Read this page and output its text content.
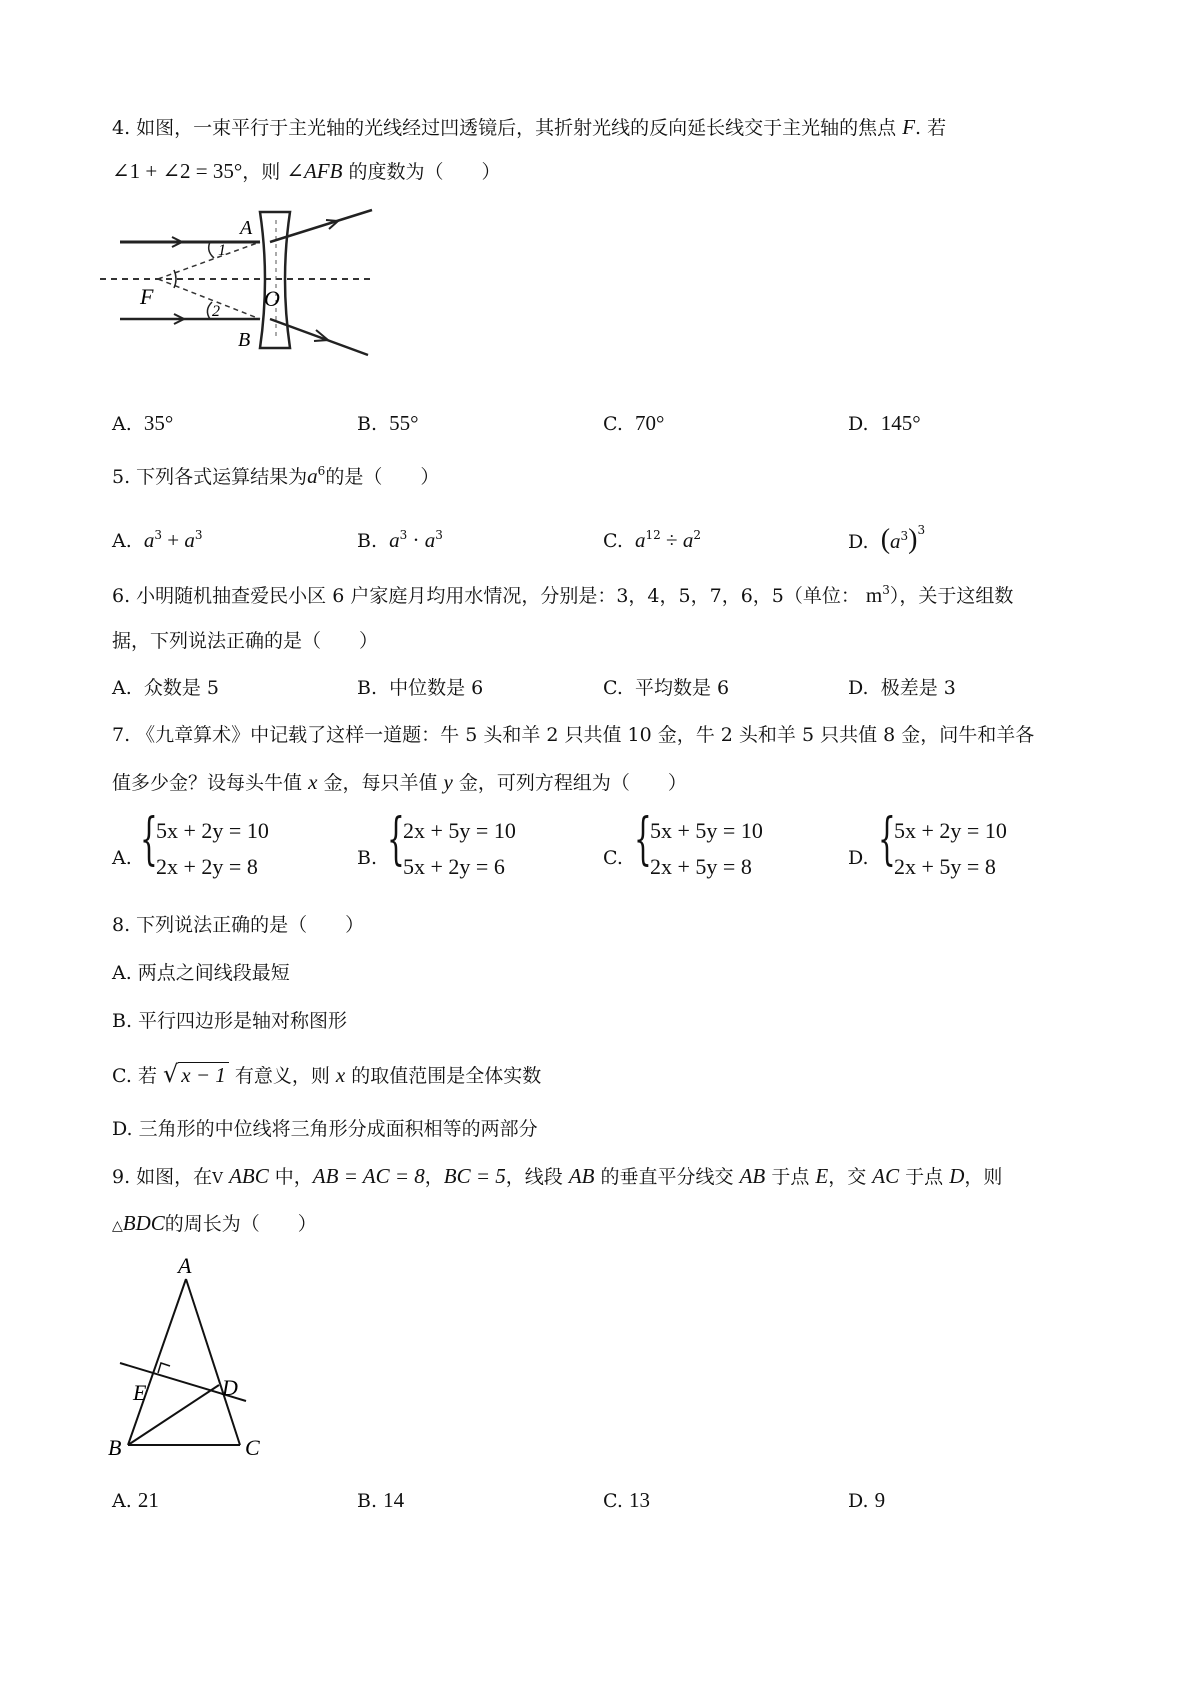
4. 如图，一束平行于主光轴的光线经过凹透镜后，其折射光线的反向延长线交于主光轴的焦点 F. 若
∠1 + ∠2 = 35°，则 ∠AFB 的度数为（　　）
A
O
F
B
1
2
A. 35°	B. 55°	C. 70°	D. 145°
5. 下列各式运算结果为$a^6$的是（　　）
A. $a^3 + a^3$	B. $a^3 \cdot a^3$	C. $a^{12} \div a^2$	D. $(a^3)^3$
6. 小明随机抽查爱民小区 6 户家庭月均用水情况，分别是：3，4，5，7，6，5（单位： $m^3$），关于这组数
据，下列说法正确的是（　　）
A. 众数是 5	B. 中位数是 6	C. 平均数是 6	D. 极差是 3
7. 《九章算术》中记载了这样一道题：牛 5 头和羊 2 只共值 10 金，牛 2 头和羊 5 只共值 8 金，问牛和羊各
值多少金？设每头牛值 x 金，每只羊值 y 金，可列方程组为（　　）
A. {
5x + 2y = 10
2x + 2y = 8	B. {
2x + 5y = 10
5x + 2y = 6	C. {
5x + 5y = 10
2x + 5y = 8	D. {
5x + 2y = 10
2x + 5y = 8
8. 下列说法正确的是（　　）
A. 两点之间线段最短
B. 平行四边形是轴对称图形
C. 若 √ x − 1 有意义，则 x 的取值范围是全体实数
D. 三角形的中位线将三角形分成面积相等的两部分
9. 如图，在V ABC 中，AB = AC = 8，BC = 5，线段 AB 的垂直平分线交 AB 于点 E，交 AC 于点 D，则
△BDC的周长为（　　）
A
E	D
B	C
A. 21	B. 14	C. 13	D. 9
